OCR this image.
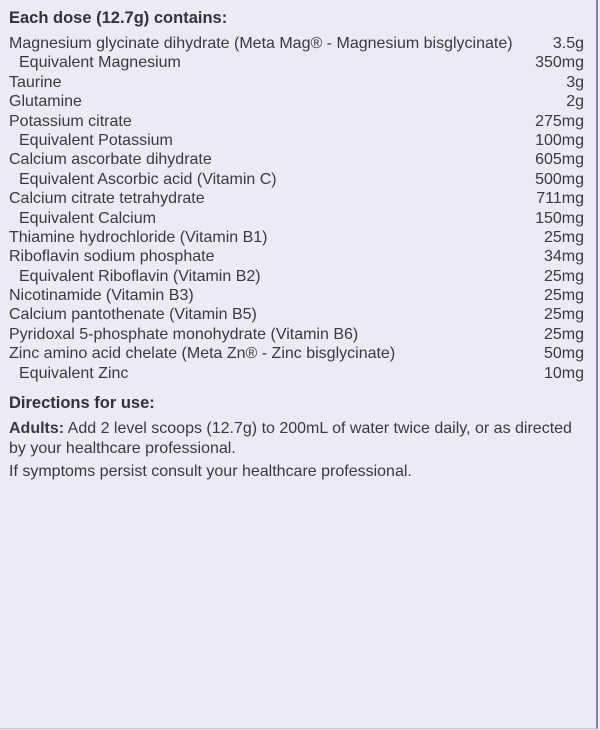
Each dose (12.7g) contains:
Magnesium glycinate dihydrate (Meta Mag® - Magnesium bisglycinate)	3.5g
Equivalent Magnesium	350mg
Taurine	3g
Glutamine	2g
Potassium citrate	275mg
Equivalent Potassium	100mg
Calcium ascorbate dihydrate	605mg
Equivalent Ascorbic acid (Vitamin C)	500mg
Calcium citrate tetrahydrate	711mg
Equivalent Calcium	150mg
Thiamine hydrochloride (Vitamin B1)	25mg
Riboflavin sodium phosphate	34mg
Equivalent Riboflavin (Vitamin B2)	25mg
Nicotinamide (Vitamin B3)	25mg
Calcium pantothenate (Vitamin B5)	25mg
Pyridoxal 5-phosphate monohydrate (Vitamin B6)	25mg
Zinc amino acid chelate (Meta Zn® - Zinc bisglycinate)	50mg
Equivalent Zinc	10mg
Directions for use:

Adults: Add 2 level scoops (12.7g) to 200mL of water twice daily, or as directed by your healthcare professional.

If symptoms persist consult your healthcare professional.
